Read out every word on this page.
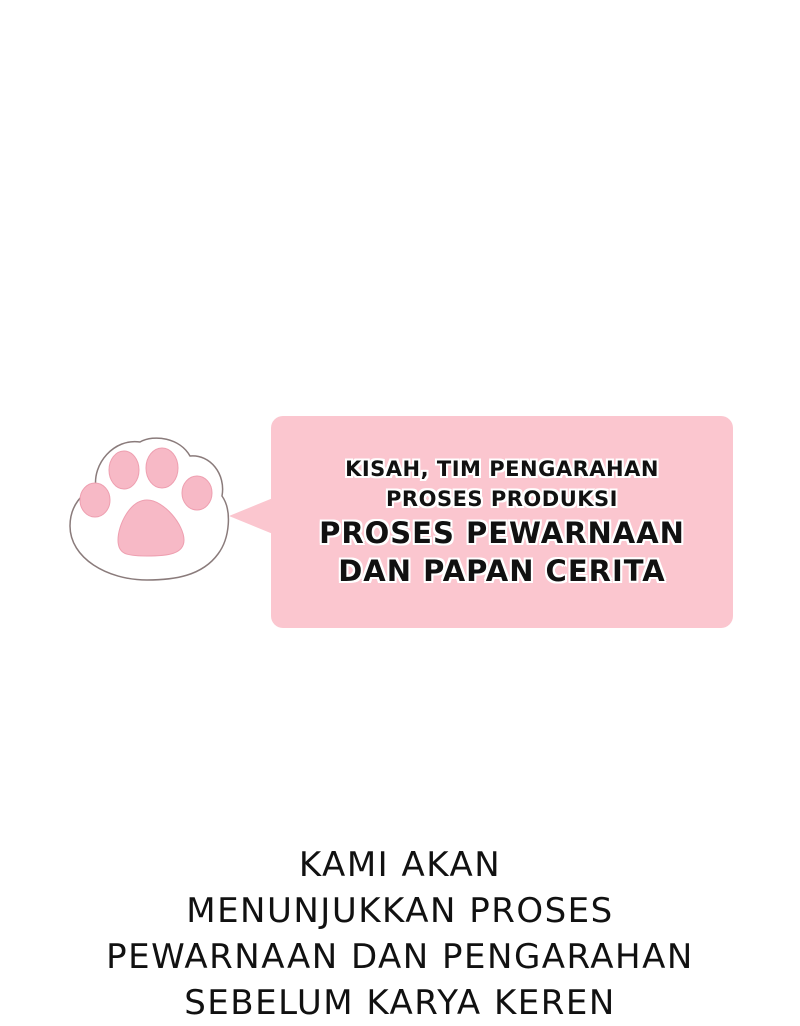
KISAH, TIM PENGARAHAN
PROSES PRODUKSI
PROSES PEWARNAAN
DAN PAPAN CERITA
KAMI AKAN
MENUNJUKKAN PROSES
PEWARNAAN DAN PENGARAHAN
SEBELUM KARYA KEREN
